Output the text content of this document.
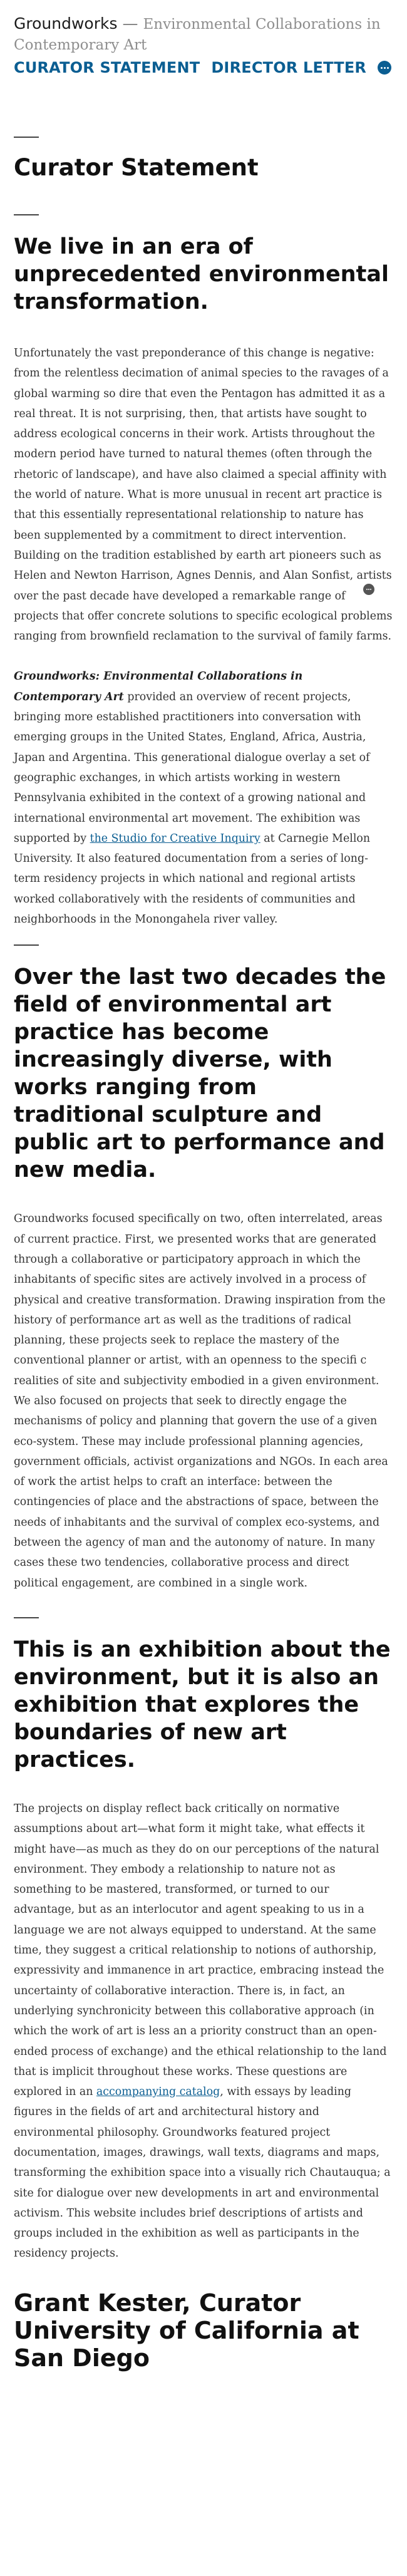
Groundworks — Environmental Collaborations in Contemporary Art
CURATOR STATEMENT DIRECTOR LETTER
Curator Statement
We live in an era of unprecedented environmental transformation.

Unfortunately the vast preponderance of this change is negative: from the relentless decimation of animal species to the ravages of a global warming so dire that even the Pentagon has admitted it as a real threat. It is not surprising, then, that artists have sought to address ecological concerns in their work. Artists throughout the modern period have turned to natural themes (often through the rhetoric of landscape), and have also claimed a special affinity with the world of nature. What is more unusual in recent art practice is that this essentially representational relationship to nature has been supplemented by a commitment to direct intervention. Building on the tradition established by earth art pioneers such as Helen and Newton Harrison, Agnes Dennis, and Alan Sonfist, artists over the past decade have developed a remarkable range of projects that offer concrete solutions to specific ecological problems ranging from brownfield reclamation to the survival of family farms.

Groundworks: Environmental Collaborations in Contemporary Art provided an overview of recent projects, bringing more established practitioners into conversation with emerging groups in the United States, England, Africa, Austria, Japan and Argentina. This generational dialogue overlay a set of geographic exchanges, in which artists working in western Pennsylvania exhibited in the context of a growing national and international environmental art movement. The exhibition was supported by the Studio for Creative Inquiry at Carnegie Mellon University. It also featured documentation from a series of long-term residency projects in which national and regional artists worked collaboratively with the residents of communities and neighborhoods in the Monongahela river valley.

Over the last two decades the field of environmental art practice has become increasingly diverse, with works ranging from traditional sculpture and public art to performance and new media.

Groundworks focused specifically on two, often interrelated, areas of current practice. First, we presented works that are generated through a collaborative or participatory approach in which the inhabitants of specific sites are actively involved in a process of physical and creative transformation. Drawing inspiration from the history of performance art as well as the traditions of radical planning, these projects seek to replace the mastery of the conventional planner or artist, with an openness to the specifi c realities of site and subjectivity embodied in a given environment. We also focused on projects that seek to directly engage the mechanisms of policy and planning that govern the use of a given eco-system. These may include professional planning agencies, government officials, activist organizations and NGOs. In each area of work the artist helps to craft an interface: between the contingencies of place and the abstractions of space, between the needs of inhabitants and the survival of complex eco-systems, and between the agency of man and the autonomy of nature. In many cases these two tendencies, collaborative process and direct political engagement, are combined in a single work.

This is an exhibition about the environment, but it is also an exhibition that explores the boundaries of new art practices.

The projects on display reflect back critically on normative assumptions about art—what form it might take, what effects it might have—as much as they do on our perceptions of the natural environment. They embody a relationship to nature not as something to be mastered, transformed, or turned to our advantage, but as an interlocutor and agent speaking to us in a language we are not always equipped to understand. At the same time, they suggest a critical relationship to notions of authorship, expressivity and immanence in art practice, embracing instead the uncertainty of collaborative interaction. There is, in fact, an underlying synchronicity between this collaborative approach (in which the work of art is less an a priority construct than an open-ended process of exchange) and the ethical relationship to the land that is implicit throughout these works. These questions are explored in an accompanying catalog, with essays by leading figures in the fields of art and architectural history and environmental philosophy. Groundworks featured project documentation, images, drawings, wall texts, diagrams and maps, transforming the exhibition space into a visually rich Chautauqua; a site for dialogue over new developments in art and environmental activism. This website includes brief descriptions of artists and groups included in the exhibition as well as participants in the residency projects.

Grant Kester, Curator
University of California at San Diego
